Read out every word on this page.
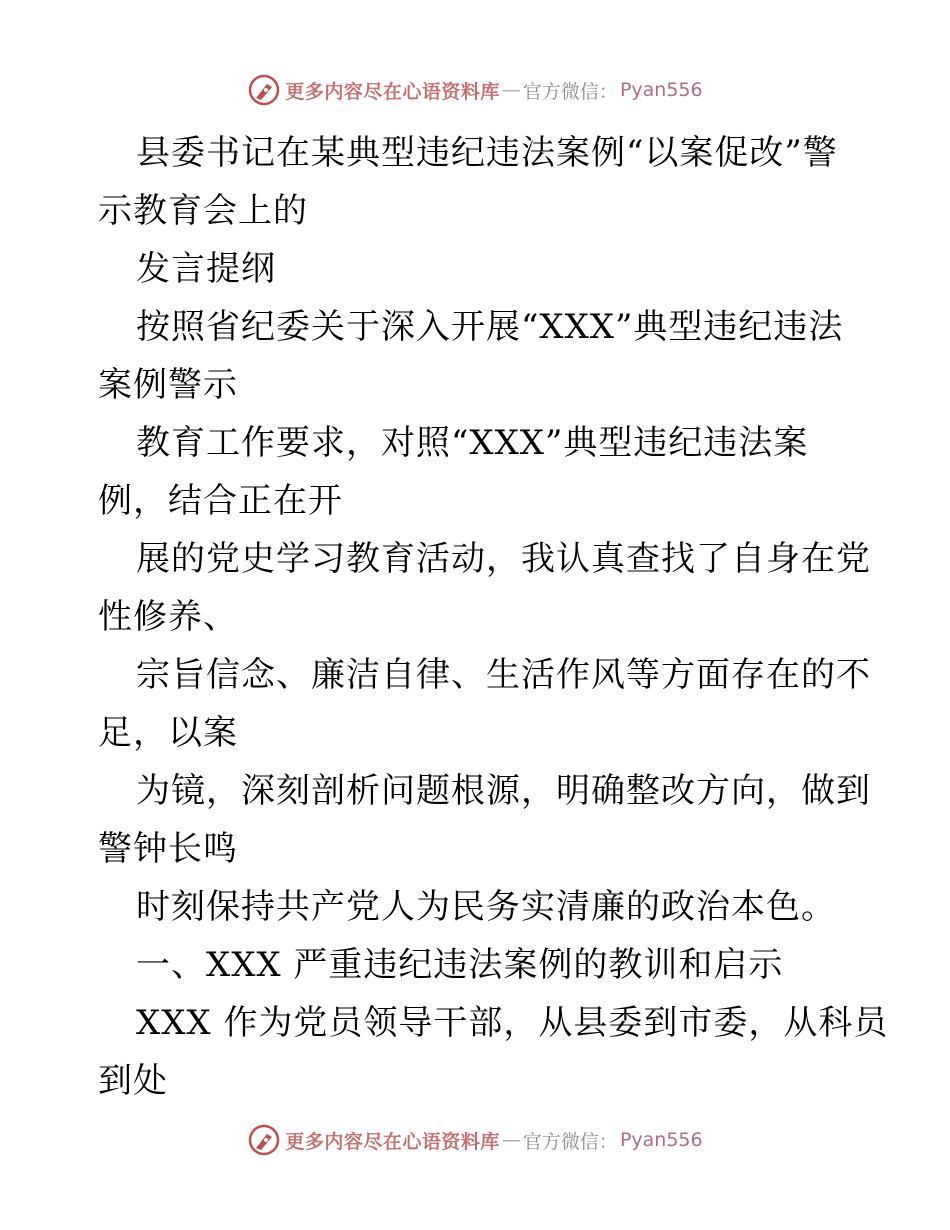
更多内容尽在心语资料库 — 官方微信： Pyan556
县委书记在某典型违纪违法案例“以案促改”警
示教育会上的
发言提纲
按照省纪委关于深入开展“XXX”典型违纪违法
案例警示
教育工作要求，对照“XXX”典型违纪违法案
例，结合正在开
展的党史学习教育活动，我认真查找了自身在党
性修养、
宗旨信念、廉洁自律、生活作风等方面存在的不
足，以案
为镜，深刻剖析问题根源，明确整改方向，做到
警钟长鸣
时刻保持共产党人为民务实清廉的政治本色。
一、XXX 严重违纪违法案例的教训和启示
XXX 作为党员领导干部，从县委到市委，从科员
到处
更多内容尽在心语资料库 — 官方微信： Pyan556
